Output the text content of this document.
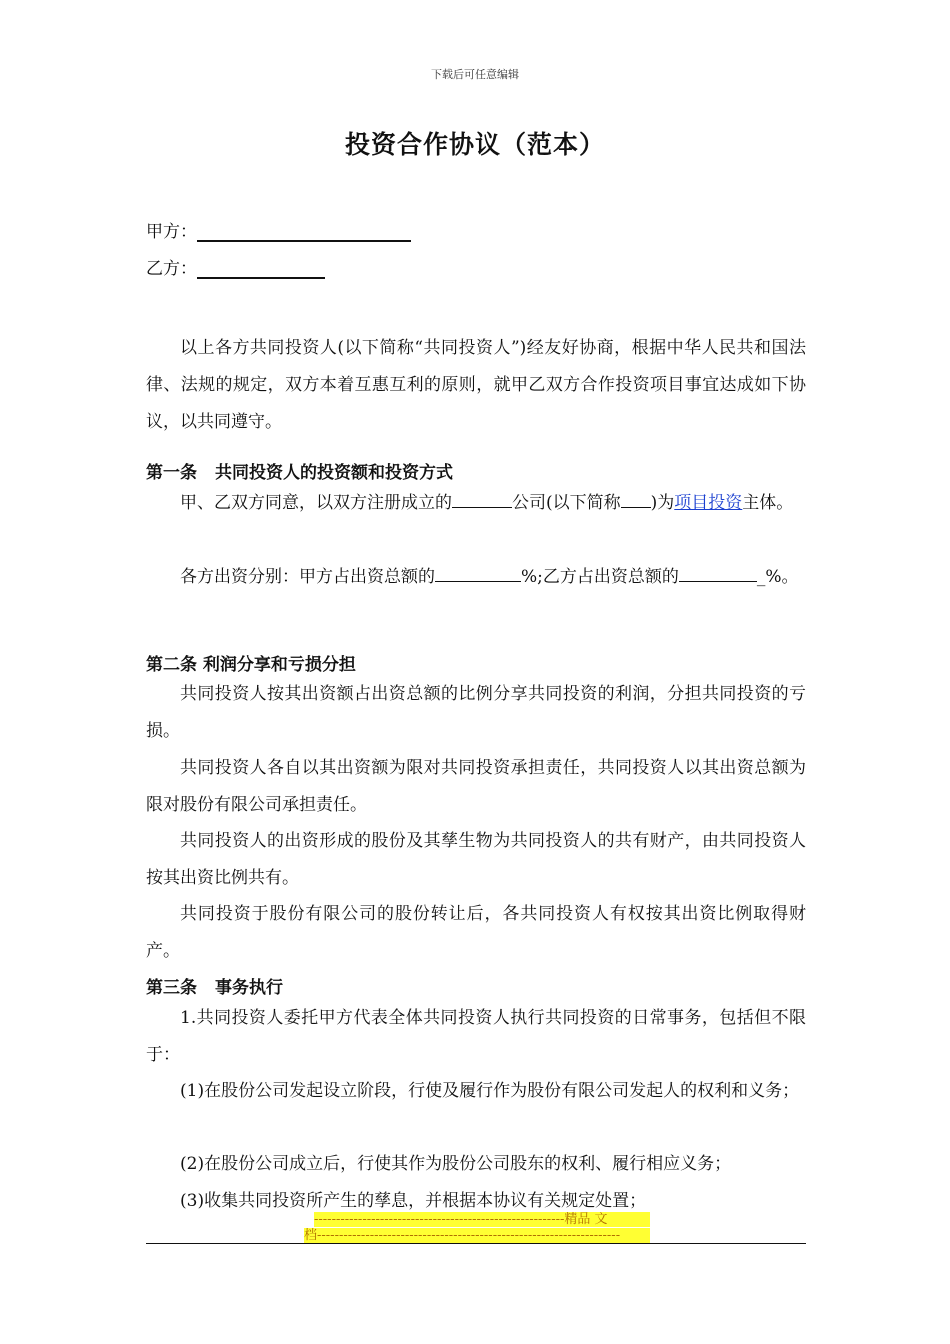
下载后可任意编辑
投资合作协议（范本）
甲方：
乙方：
以上各方共同投资人(以下简称“共同投资人”)经友好协商，根据中华人民共和国法律、法规的规定，双方本着互惠互利的原则，就甲乙双方合作投资项目事宜达成如下协议，以共同遵守。
第一条 共同投资人的投资额和投资方式
甲、乙双方同意，以双方注册成立的	公司(以下简称 )为项目投资主体。
各方出资分别：甲方占出资总额的	%;乙方占出资总额的	_%。
第二条 利润分享和亏损分担
共同投资人按其出资额占出资总额的比例分享共同投资的利润，分担共同投资的亏损。
共同投资人各自以其出资额为限对共同投资承担责任，共同投资人以其出资总额为限对股份有限公司承担责任。
共同投资人的出资形成的股份及其孳生物为共同投资人的共有财产，由共同投资人按其出资比例共有。
共同投资于股份有限公司的股份转让后，各共同投资人有权按其出资比例取得财产。
第三条 事务执行
1.共同投资人委托甲方代表全体共同投资人执行共同投资的日常事务，包括但不限于：
(1)在股份公司发起设立阶段，行使及履行作为股份有限公司发起人的权利和义务；
(2)在股份公司成立后，行使其作为股份公司股东的权利、履行相应义务；
(3)收集共同投资所产生的孳息，并根据本协议有关规定处置；
---------------------------------------------------------精品 文
档---------------------------------------------------------------------
